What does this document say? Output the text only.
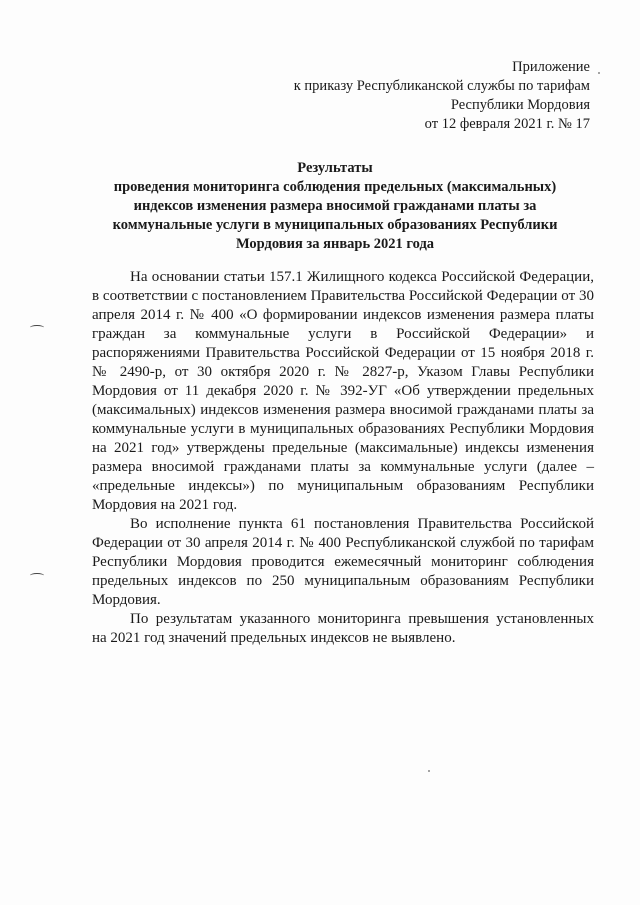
Приложение
к приказу Республиканской службы по тарифам
Республики Мордовия
от 12 февраля 2021 г. № 17
Результаты
проведения мониторинга соблюдения предельных (максимальных)
индексов изменения размера вносимой гражданами платы за
коммунальные услуги в муниципальных образованиях Республики
Мордовия за январь 2021 года

На основании статьи 157.1 Жилищного кодекса Российской Федерации, в соответствии с постановлением Правительства Российской Федерации от 30 апреля 2014 г. № 400 «О формировании индексов изменения размера платы граждан за коммунальные услуги в Российской Федерации» и распоряжениями Правительства Российской Федерации от 15 ноября 2018 г. № 2490-р, от 30 октября 2020 г. № 2827-р, Указом Главы Республики Мордовия от 11 декабря 2020 г. № 392-УГ «Об утверждении предельных (максимальных) индексов изменения размера вносимой гражданами платы за коммунальные услуги в муниципальных образованиях Республики Мордовия на 2021 год» утверждены предельные (максимальные) индексы изменения размера вносимой гражданами платы за коммунальные услуги (далее – «предельные индексы») по муниципальным образованиям Республики Мордовия на 2021 год.

Во исполнение пункта 61 постановления Правительства Российской Федерации от 30 апреля 2014 г. № 400 Республиканской службой по тарифам Республики Мордовия проводится ежемесячный мониторинг соблюдения предельных индексов по 250 муниципальным образованиям Республики Мордовия.

По результатам указанного мониторинга превышения установленных на 2021 год значений предельных индексов не выявлено.
